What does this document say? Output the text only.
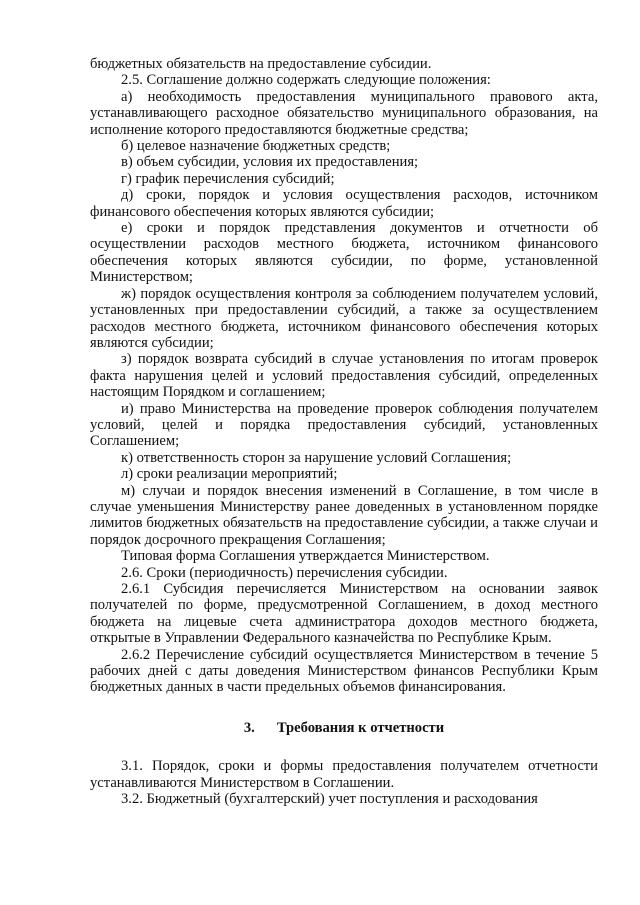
бюджетных обязательств на предоставление субсидии.

2.5. Соглашение должно содержать следующие положения:

а) необходимость предоставления муниципального правового акта, устанавливающего расходное обязательство муниципального образования, на исполнение которого предоставляются бюджетные средства;

б) целевое назначение бюджетных средств;

в) объем субсидии, условия их предоставления;

г) график перечисления субсидий;

д) сроки, порядок и условия осуществления расходов, источником финансового обеспечения которых являются субсидии;

е) сроки и порядок представления документов и отчетности об осуществлении расходов местного бюджета, источником финансового обеспечения которых являются субсидии, по форме, установленной Министерством;

ж) порядок осуществления контроля за соблюдением получателем условий, установленных при предоставлении субсидий, а также за осуществлением расходов местного бюджета, источником финансового обеспечения которых являются субсидии;

з) порядок возврата субсидий в случае установления по итогам проверок факта нарушения целей и условий предоставления субсидий, определенных настоящим Порядком и соглашением;

и) право Министерства на проведение проверок соблюдения получателем условий, целей и порядка предоставления субсидий, установленных Соглашением;

к) ответственность сторон за нарушение условий Соглашения;

л) сроки реализации мероприятий;

м) случаи и порядок внесения изменений в Соглашение, в том числе в случае уменьшения Министерству ранее доведенных в установленном порядке лимитов бюджетных обязательств на предоставление субсидии, а также случаи и порядок досрочного прекращения Соглашения;

Типовая форма Соглашения утверждается Министерством.

2.6. Сроки (периодичность) перечисления субсидии.

2.6.1 Субсидия перечисляется Министерством на основании заявок получателей по форме, предусмотренной Соглашением, в доход местного бюджета на лицевые счета администратора доходов местного бюджета, открытые в Управлении Федерального казначейства по Республике Крым.

2.6.2 Перечисление субсидий осуществляется Министерством в течение 5 рабочих дней с даты доведения Министерством финансов Республики Крым бюджетных данных в части предельных объемов финансирования.

3. Требования к отчетности

3.1. Порядок, сроки и формы предоставления получателем отчетности устанавливаются Министерством в Соглашении.

3.2. Бюджетный (бухгалтерский) учет поступления и расходования
